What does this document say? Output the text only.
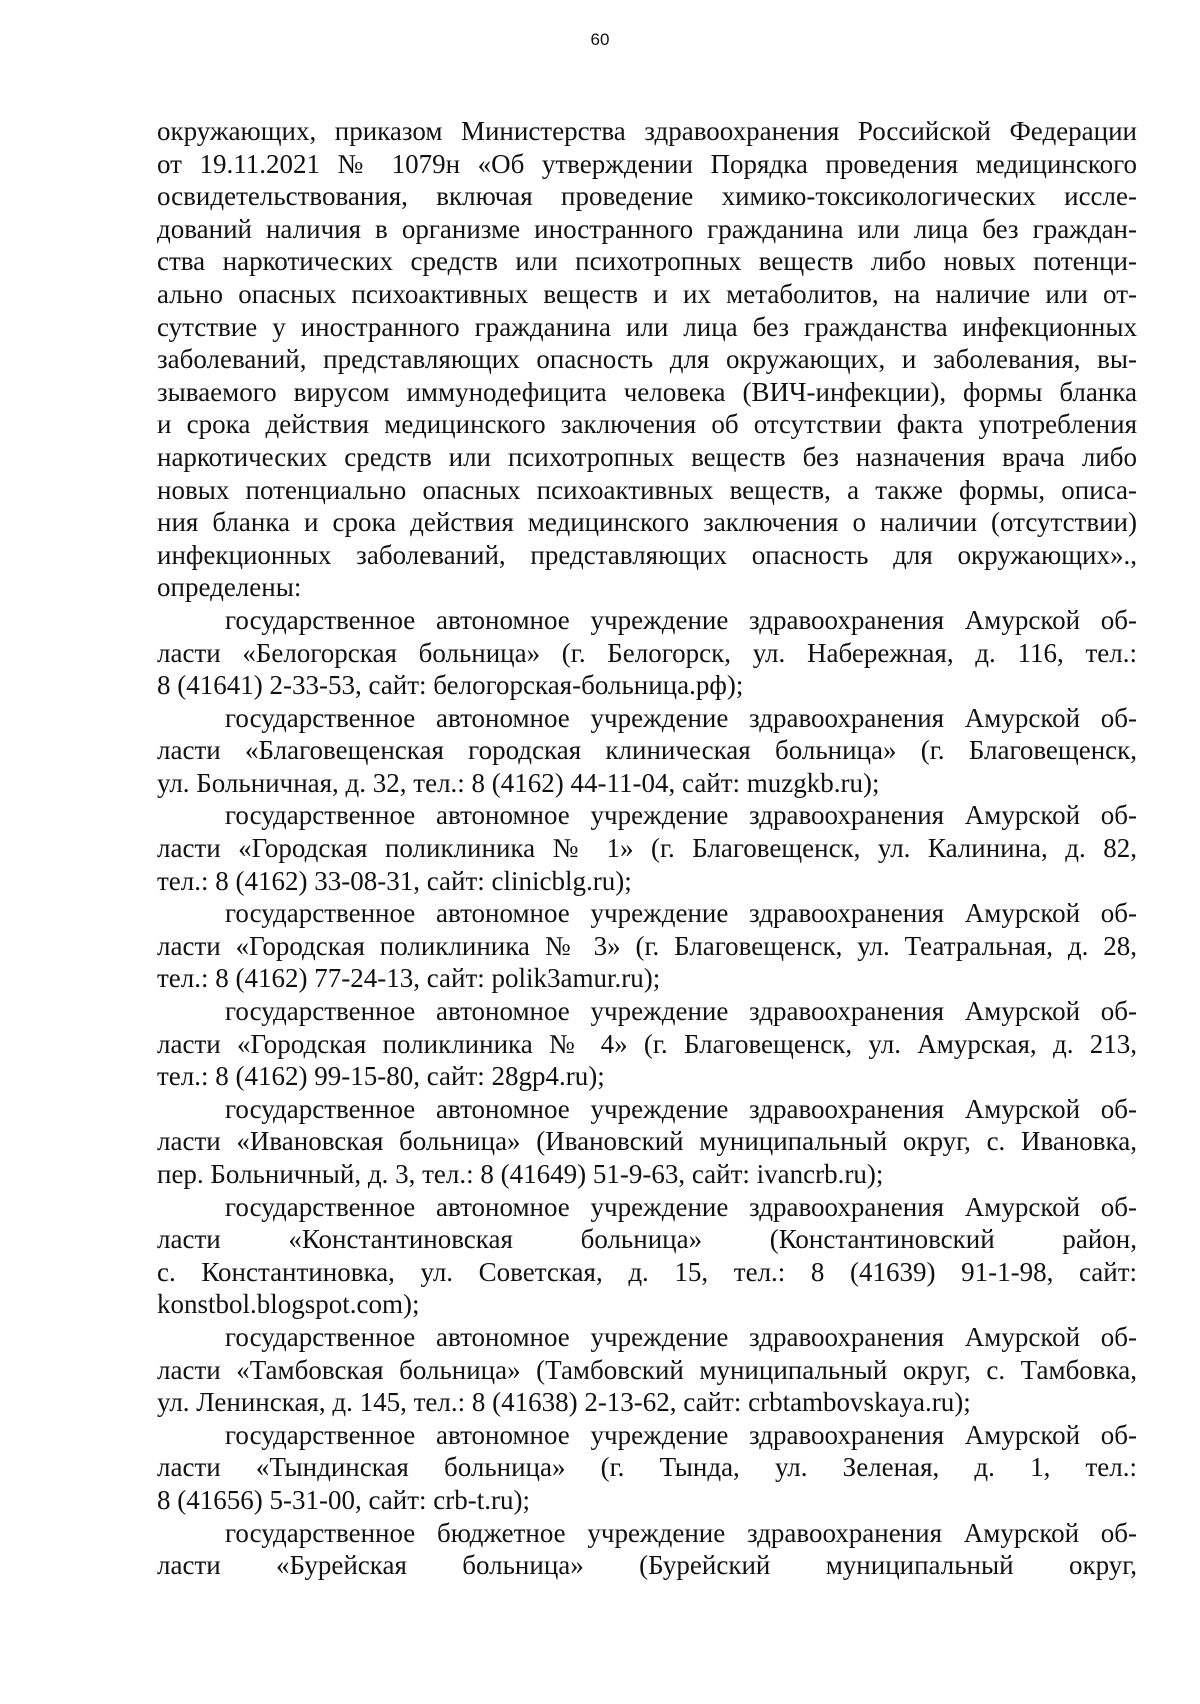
60
окружающих, приказом Министерства здравоохранения Российской Федерации
от 19.11.2021 № 1079н «Об утверждении Порядка проведения медицинского
освидетельствования, включая проведение химико-токсикологических иссле-
дований наличия в организме иностранного гражданина или лица без граждан-
ства наркотических средств или психотропных веществ либо новых потенци-
ально опасных психоактивных веществ и их метаболитов, на наличие или от-
сутствие у иностранного гражданина или лица без гражданства инфекционных
заболеваний, представляющих опасность для окружающих, и заболевания, вы-
зываемого вирусом иммунодефицита человека (ВИЧ-инфекции), формы бланка
и срока действия медицинского заключения об отсутствии факта употребления
наркотических средств или психотропных веществ без назначения врача либо
новых потенциально опасных психоактивных веществ, а также формы, описа-
ния бланка и срока действия медицинского заключения о наличии (отсутствии)
инфекционных заболеваний, представляющих опасность для окружающих».,
определены:
государственное автономное учреждение здравоохранения Амурской об-
ласти «Белогорская больница» (г. Белогорск, ул. Набережная, д. 116, тел.:
8 (41641) 2-33-53, сайт: белогорская-больница.рф);
государственное автономное учреждение здравоохранения Амурской об-
ласти «Благовещенская городская клиническая больница» (г. Благовещенск,
ул. Больничная, д. 32, тел.: 8 (4162) 44-11-04, сайт: muzgkb.ru);
государственное автономное учреждение здравоохранения Амурской об-
ласти «Городская поликлиника № 1» (г. Благовещенск, ул. Калинина, д. 82,
тел.: 8 (4162) 33-08-31, сайт: clinicblg.ru);
государственное автономное учреждение здравоохранения Амурской об-
ласти «Городская поликлиника № 3» (г. Благовещенск, ул. Театральная, д. 28,
тел.: 8 (4162) 77-24-13, сайт: polik3amur.ru);
государственное автономное учреждение здравоохранения Амурской об-
ласти «Городская поликлиника № 4» (г. Благовещенск, ул. Амурская, д. 213,
тел.: 8 (4162) 99-15-80, сайт: 28gp4.ru);
государственное автономное учреждение здравоохранения Амурской об-
ласти «Ивановская больница» (Ивановский муниципальный округ, с. Ивановка,
пер. Больничный, д. 3, тел.: 8 (41649) 51-9-63, сайт: ivancrb.ru);
государственное автономное учреждение здравоохранения Амурской об-
ласти «Константиновская больница» (Константиновский район,
с. Константиновка, ул. Советская, д. 15, тел.: 8 (41639) 91-1-98, сайт:
konstbol.blogspot.com);
государственное автономное учреждение здравоохранения Амурской об-
ласти «Тамбовская больница» (Тамбовский муниципальный округ, с. Тамбовка,
ул. Ленинская, д. 145, тел.: 8 (41638) 2-13-62, сайт: crbtambovskaya.ru);
государственное автономное учреждение здравоохранения Амурской об-
ласти «Тындинская больница» (г. Тында, ул. Зеленая, д. 1, тел.:
8 (41656) 5-31-00, сайт: crb-t.ru);
государственное бюджетное учреждение здравоохранения Амурской об-
ласти «Бурейская больница» (Бурейский муниципальный округ,
